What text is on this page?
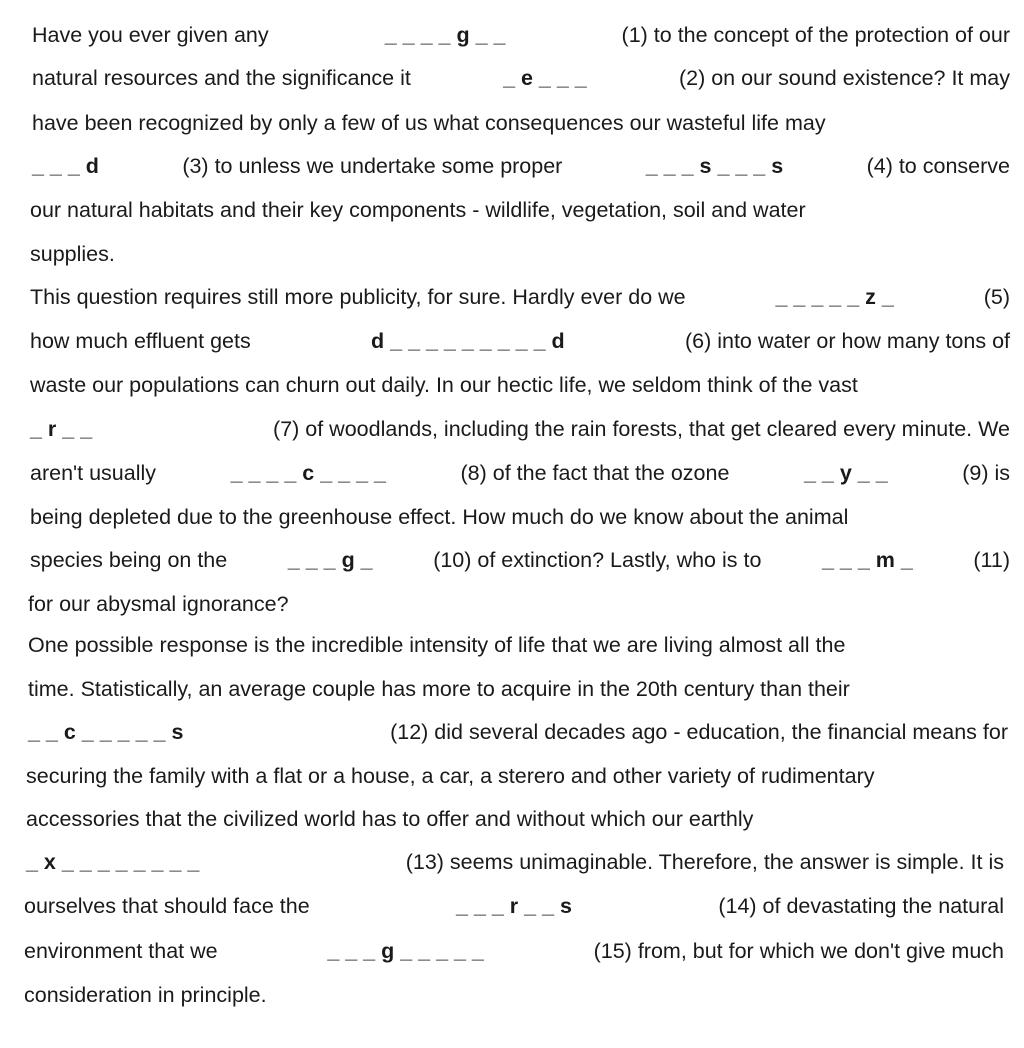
Have you ever given any	_ _ _ _ g _ _	(1) to the concept of the protection of our
natural resources and the significance it	_ e _ _ _	(2) on our sound existence? It may
have been recognized by only a few of us what consequences our wasteful life may
_ _ _ d	(3) to unless we undertake some proper	_ _ _ s _ _ _ s	(4) to conserve
our natural habitats and their key components - wildlife, vegetation, soil and water
supplies.
This question requires still more publicity, for sure. Hardly ever do we	_ _ _ _ _ z _	(5)
how much effluent gets	d _ _ _ _ _ _ _ _ _ d	(6) into water or how many tons of
waste our populations can churn out daily. In our hectic life, we seldom think of the vast
_ r _ _	(7) of woodlands, including the rain forests, that get cleared every minute. We
aren't usually	_ _ _ _ c _ _ _ _	(8) of the fact that the ozone	_ _ y _ _	(9) is
being depleted due to the greenhouse effect. How much do we know about the animal
species being on the	_ _ _ g _	(10) of extinction? Lastly, who is to	_ _ _ m _	(11)
for our abysmal ignorance?
One possible response is the incredible intensity of life that we are living almost all the
time. Statistically, an average couple has more to acquire in the 20th century than their
_ _ c _ _ _ _ _ s	(12) did several decades ago - education, the financial means for
securing the family with a flat or a house, a car, a sterero and other variety of rudimentary
accessories that the civilized world has to offer and without which our earthly
_ x _ _ _ _ _ _ _ _	(13) seems unimaginable. Therefore, the answer is simple. It is
ourselves that should face the	_ _ _ r _ _ s	(14) of devastating the natural
environment that we	_ _ _ g _ _ _ _ _	(15) from, but for which we don't give much
consideration in principle.
